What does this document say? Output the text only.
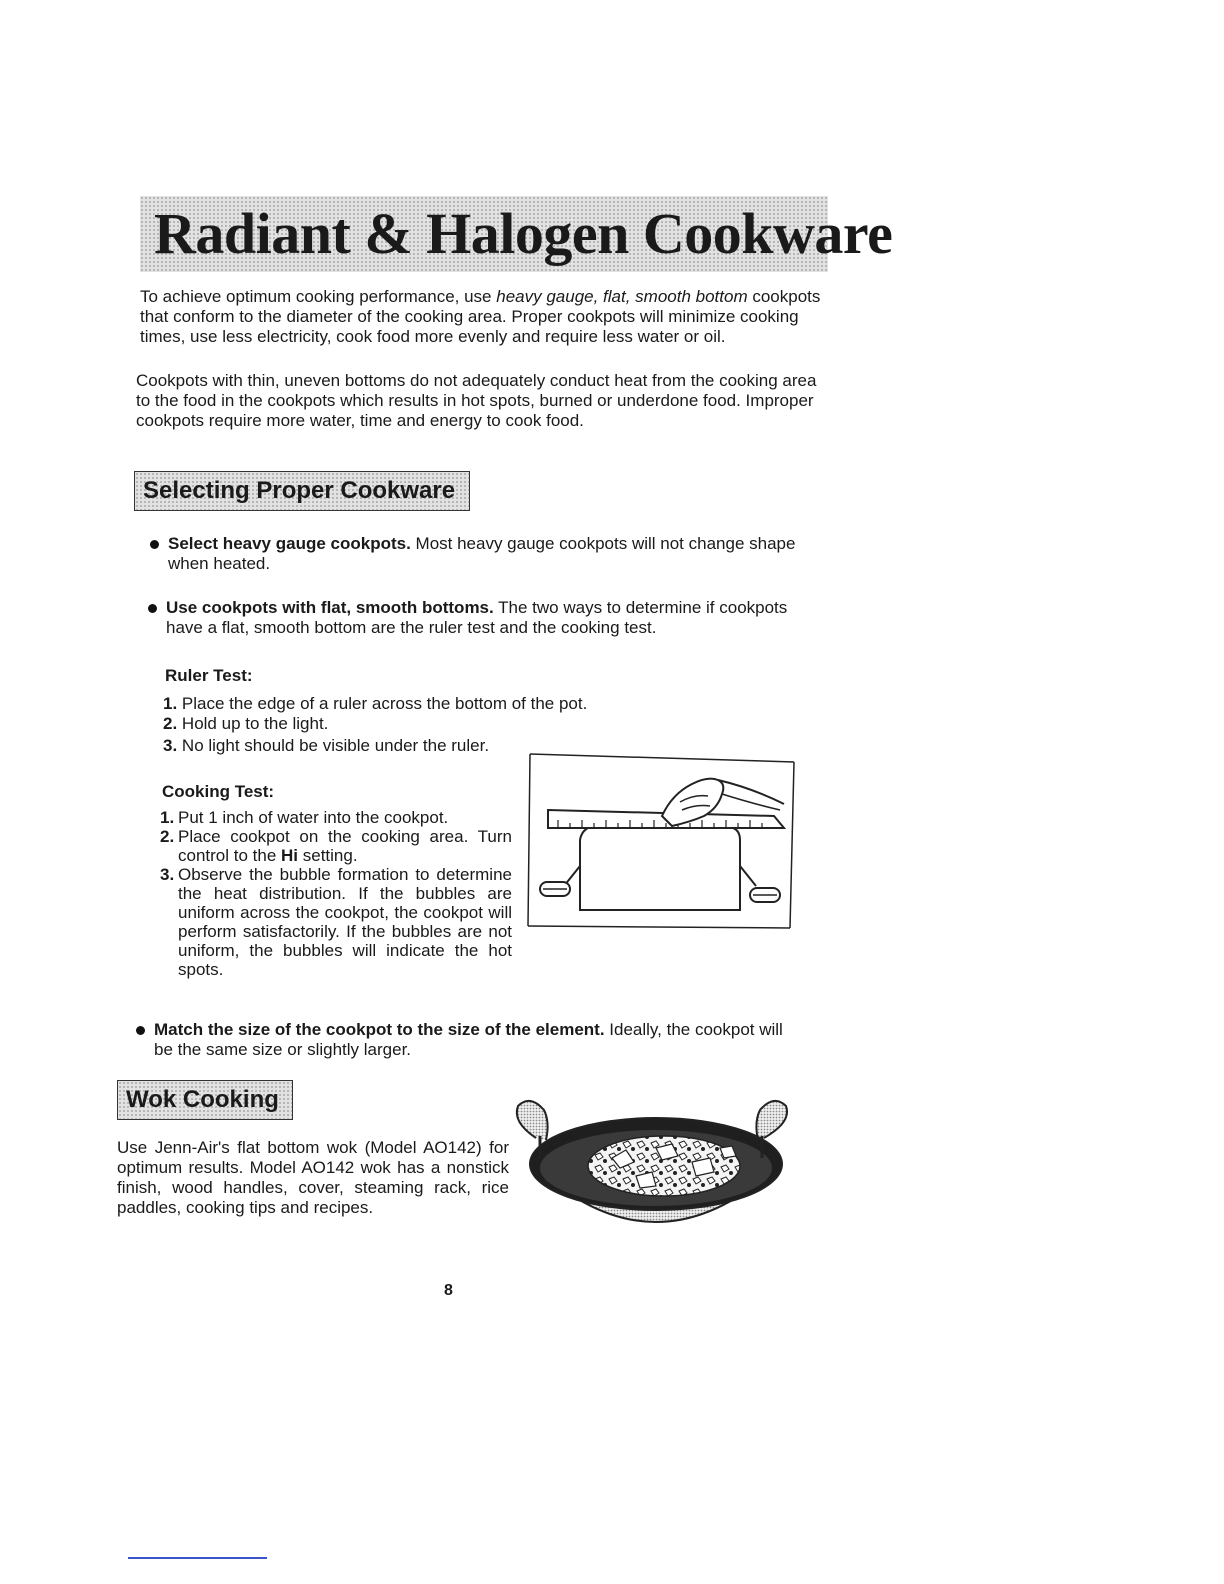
Radiant & Halogen Cookware
To achieve optimum cooking performance, use heavy gauge, flat, smooth bottom cookpots that conform to the diameter of the cooking area. Proper cookpots will minimize cooking times, use less electricity, cook food more evenly and require less water or oil.
Cookpots with thin, uneven bottoms do not adequately conduct heat from the cooking area to the food in the cookpots which results in hot spots, burned or underdone food. Improper cookpots require more water, time and energy to cook food.
Selecting Proper Cookware
Select heavy gauge cookpots. Most heavy gauge cookpots will not change shape when heated.
Use cookpots with flat, smooth bottoms. The two ways to determine if cookpots have a flat, smooth bottom are the ruler test and the cooking test.
Ruler Test:
1. Place the edge of a ruler across the bottom of the pot.
2. Hold up to the light.
3. No light should be visible under the ruler.
Cooking Test:

1. Put 1 inch of water into the cookpot.

2. Place cookpot on the cooking area. Turn control to the Hi setting.

3. Observe the bubble formation to determine the heat distribution. If the bubbles are uniform across the cookpot, the cookpot will perform satisfactorily. If the bubbles are not uniform, the bubbles will indicate the hot spots.

Match the size of the cookpot to the size of the element. Ideally, the cookpot will be the same size or slightly larger.
Wok Cooking
Use Jenn-Air's flat bottom wok (Model AO142) for optimum results. Model AO142 wok has a nonstick finish, wood handles, cover, steaming rack, rice paddles, cooking tips and recipes.
8
